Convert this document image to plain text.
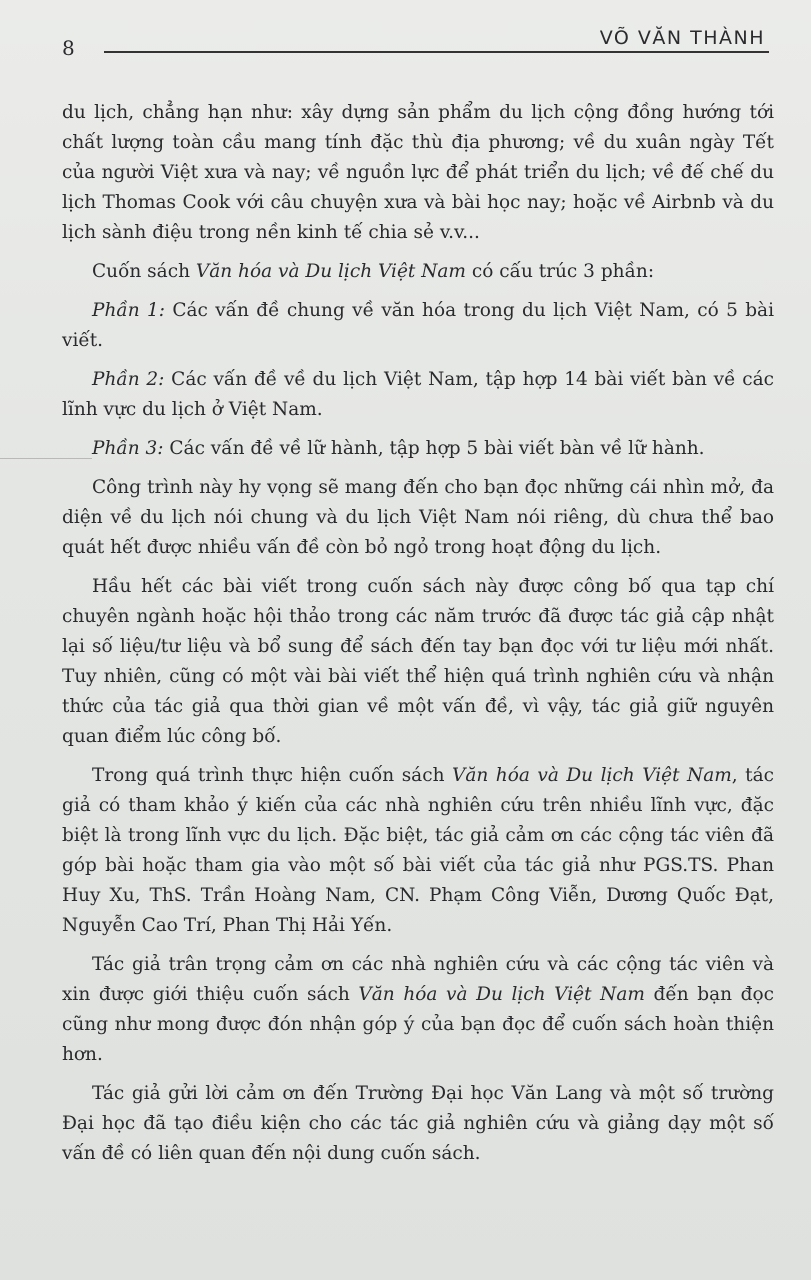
8	VÕ VĂN THÀNH

du lịch, chẳng hạn như: xây dựng sản phẩm du lịch cộng đồng hướng tới chất lượng toàn cầu mang tính đặc thù địa phương; về du xuân ngày Tết của người Việt xưa và nay; về nguồn lực để phát triển du lịch; về đế chế du lịch Thomas Cook với câu chuyện xưa và bài học nay; hoặc về Airbnb và du lịch sành điệu trong nền kinh tế chia sẻ v.v...

Cuốn sách Văn hóa và Du lịch Việt Nam có cấu trúc 3 phần:

Phần 1: Các vấn đề chung về văn hóa trong du lịch Việt Nam, có 5 bài viết.

Phần 2: Các vấn đề về du lịch Việt Nam, tập hợp 14 bài viết bàn về các lĩnh vực du lịch ở Việt Nam.

Phần 3: Các vấn đề về lữ hành, tập hợp 5 bài viết bàn về lữ hành.

Công trình này hy vọng sẽ mang đến cho bạn đọc những cái nhìn mở, đa diện về du lịch nói chung và du lịch Việt Nam nói riêng, dù chưa thể bao quát hết được nhiều vấn đề còn bỏ ngỏ trong hoạt động du lịch.

Hầu hết các bài viết trong cuốn sách này được công bố qua tạp chí chuyên ngành hoặc hội thảo trong các năm trước đã được tác giả cập nhật lại số liệu/tư liệu và bổ sung để sách đến tay bạn đọc với tư liệu mới nhất. Tuy nhiên, cũng có một vài bài viết thể hiện quá trình nghiên cứu và nhận thức của tác giả qua thời gian về một vấn đề, vì vậy, tác giả giữ nguyên quan điểm lúc công bố.

Trong quá trình thực hiện cuốn sách Văn hóa và Du lịch Việt Nam, tác giả có tham khảo ý kiến của các nhà nghiên cứu trên nhiều lĩnh vực, đặc biệt là trong lĩnh vực du lịch. Đặc biệt, tác giả cảm ơn các cộng tác viên đã góp bài hoặc tham gia vào một số bài viết của tác giả như PGS.TS. Phan Huy Xu, ThS. Trần Hoàng Nam, CN. Phạm Công Viễn, Dương Quốc Đạt, Nguyễn Cao Trí, Phan Thị Hải Yến.

Tác giả trân trọng cảm ơn các nhà nghiên cứu và các cộng tác viên và xin được giới thiệu cuốn sách Văn hóa và Du lịch Việt Nam đến bạn đọc cũng như mong được đón nhận góp ý của bạn đọc để cuốn sách hoàn thiện hơn.

Tác giả gửi lời cảm ơn đến Trường Đại học Văn Lang và một số trường Đại học đã tạo điều kiện cho các tác giả nghiên cứu và giảng dạy một số vấn đề có liên quan đến nội dung cuốn sách.
